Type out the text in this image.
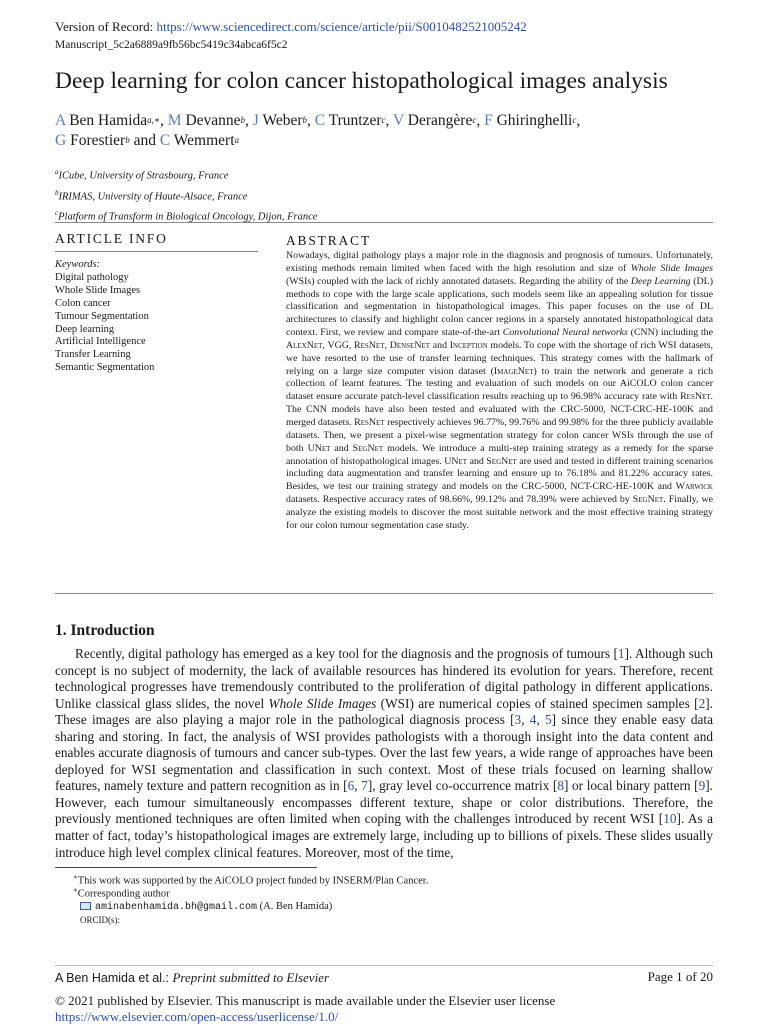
Version of Record: https://www.sciencedirect.com/science/article/pii/S0010482521005242
Manuscript_5c2a6889a9fb56bc5419c34abca6f5c2
Deep learning for colon cancer histopathological images analysis
A Ben Hamida$^{a,∗}$, M Devanne$^b$, J Weber$^b$, C Truntzer$^c$, V Derangère$^c$, F Ghiringhelli$^c$,
G Forestier$^b$ and C Wemmert$^a$
$^a$ICube, University of Strasbourg, France
$^b$IRIMAS, University of Haute-Alsace, France
$^c$Platform of Transform in Biological Oncology, Dijon, France
ARTICLE INFO
Keywords:
Digital pathology
Whole Slide Images
Colon cancer
Tumour Segmentation
Deep learning
Artificial Intelligence
Transfer Learning
Semantic Segmentation
ABSTRACT
Nowadays, digital pathology plays a major role in the diagnosis and prognosis of tumours. Unfortunately, existing methods remain limited when faced with the high resolution and size of Whole Slide Images (WSIs) coupled with the lack of richly annotated datasets. Regarding the ability of the Deep Learning (DL) methods to cope with the large scale applications, such models seem like an appealing solution for tissue classification and segmentation in histopathological images. This paper focuses on the use of DL architectures to classify and highlight colon cancer regions in a sparsely annotated histopathological data context. First, we review and compare state-of-the-art Convolutional Neural networks (CNN) including the AlexNet, VGG, ResNet, DenseNet and Inception models. To cope with the shortage of rich WSI datasets, we have resorted to the use of transfer learning techniques. This strategy comes with the hallmark of relying on a large size computer vision dataset (ImageNet) to train the network and generate a rich collection of learnt features. The testing and evaluation of such models on our AiCOLO colon cancer dataset ensure accurate patch-level classification results reaching up to 96.98% accuracy rate with ResNet. The CNN models have also been tested and evaluated with the CRC-5000, NCT-CRC-HE-100K and merged datasets. ResNet respectively achieves 96.77%, 99.76% and 99.98% for the three publicly available datasets. Then, we present a pixel-wise segmentation strategy for colon cancer WSIs through the use of both UNet and SegNet models. We introduce a multi-step training strategy as a remedy for the sparse annotation of histopathological images. UNet and SegNet are used and tested in different training scenarios including data augmentation and transfer learning and ensure up to 76.18% and 81.22% accuracy rates. Besides, we test our training strategy and models on the CRC-5000, NCT-CRC-HE-100K and Warwick datasets. Respective accuracy rates of 98.66%, 99.12% and 78.39% were achieved by SegNet. Finally, we analyze the existing models to discover the most suitable network and the most effective training strategy for our colon tumour segmentation case study.
1. Introduction

Recently, digital pathology has emerged as a key tool for the diagnosis and the prognosis of tumours [1]. Although such concept is no subject of modernity, the lack of available resources has hindered its evolution for years. Therefore, recent technological progresses have tremendously contributed to the proliferation of digital pathology in different applications. Unlike classical glass slides, the novel Whole Slide Images (WSI) are numerical copies of stained specimen samples [2]. These images are also playing a major role in the pathological diagnosis process [3, 4, 5] since they enable easy data sharing and storing. In fact, the analysis of WSI provides pathologists with a thorough insight into the data content and enables accurate diagnosis of tumours and cancer sub-types. Over the last few years, a wide range of approaches have been deployed for WSI segmentation and classification in such context. Most of these trials focused on learning shallow features, namely texture and pattern recognition as in [6, 7], gray level co-occurrence matrix [8] or local binary pattern [9]. However, each tumour simultaneously encompasses different texture, shape or color distributions. Therefore, the previously mentioned techniques are often limited when coping with the challenges introduced by recent WSI [10]. As a matter of fact, today’s histopathological images are extremely large, including up to billions of pixels. These slides usually introduce high level complex clinical features. Moreover, most of the time,

∗This work was supported by the AiCOLO project funded by INSERM/Plan Cancer.
∗Corresponding author
aminabenhamida.bh@gmail.com (A. Ben Hamida)
ORCID(s):
A Ben Hamida et al.: Preprint submitted to Elsevier	Page 1 of 20
© 2021 published by Elsevier. This manuscript is made available under the Elsevier user license
https://www.elsevier.com/open-access/userlicense/1.0/
